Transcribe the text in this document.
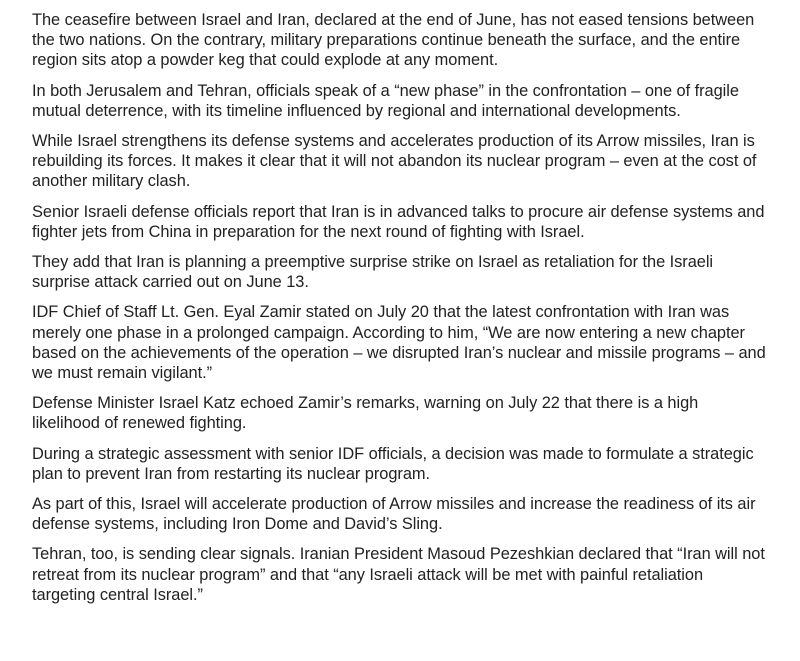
The ceasefire between Israel and Iran, declared at the end of June, has not eased tensions between the two nations. On the contrary, military preparations continue beneath the surface, and the entire region sits atop a powder keg that could explode at any moment.

In both Jerusalem and Tehran, officials speak of a “new phase” in the confrontation – one of fragile mutual deterrence, with its timeline influenced by regional and international developments.

While Israel strengthens its defense systems and accelerates production of its Arrow missiles, Iran is rebuilding its forces. It makes it clear that it will not abandon its nuclear program – even at the cost of another military clash.

Senior Israeli defense officials report that Iran is in advanced talks to procure air defense systems and fighter jets from China in preparation for the next round of fighting with Israel.

They add that Iran is planning a preemptive surprise strike on Israel as retaliation for the Israeli surprise attack carried out on June 13.

IDF Chief of Staff Lt. Gen. Eyal Zamir stated on July 20 that the latest confrontation with Iran was merely one phase in a prolonged campaign. According to him, “We are now entering a new chapter based on the achievements of the operation – we disrupted Iran’s nuclear and missile programs – and we must remain vigilant.”

Defense Minister Israel Katz echoed Zamir’s remarks, warning on July 22 that there is a high likelihood of renewed fighting.

During a strategic assessment with senior IDF officials, a decision was made to formulate a strategic plan to prevent Iran from restarting its nuclear program.

As part of this, Israel will accelerate production of Arrow missiles and increase the readiness of its air defense systems, including Iron Dome and David’s Sling.

Tehran, too, is sending clear signals. Iranian President Masoud Pezeshkian declared that “Iran will not retreat from its nuclear program” and that “any Israeli attack will be met with painful retaliation targeting central Israel.”
